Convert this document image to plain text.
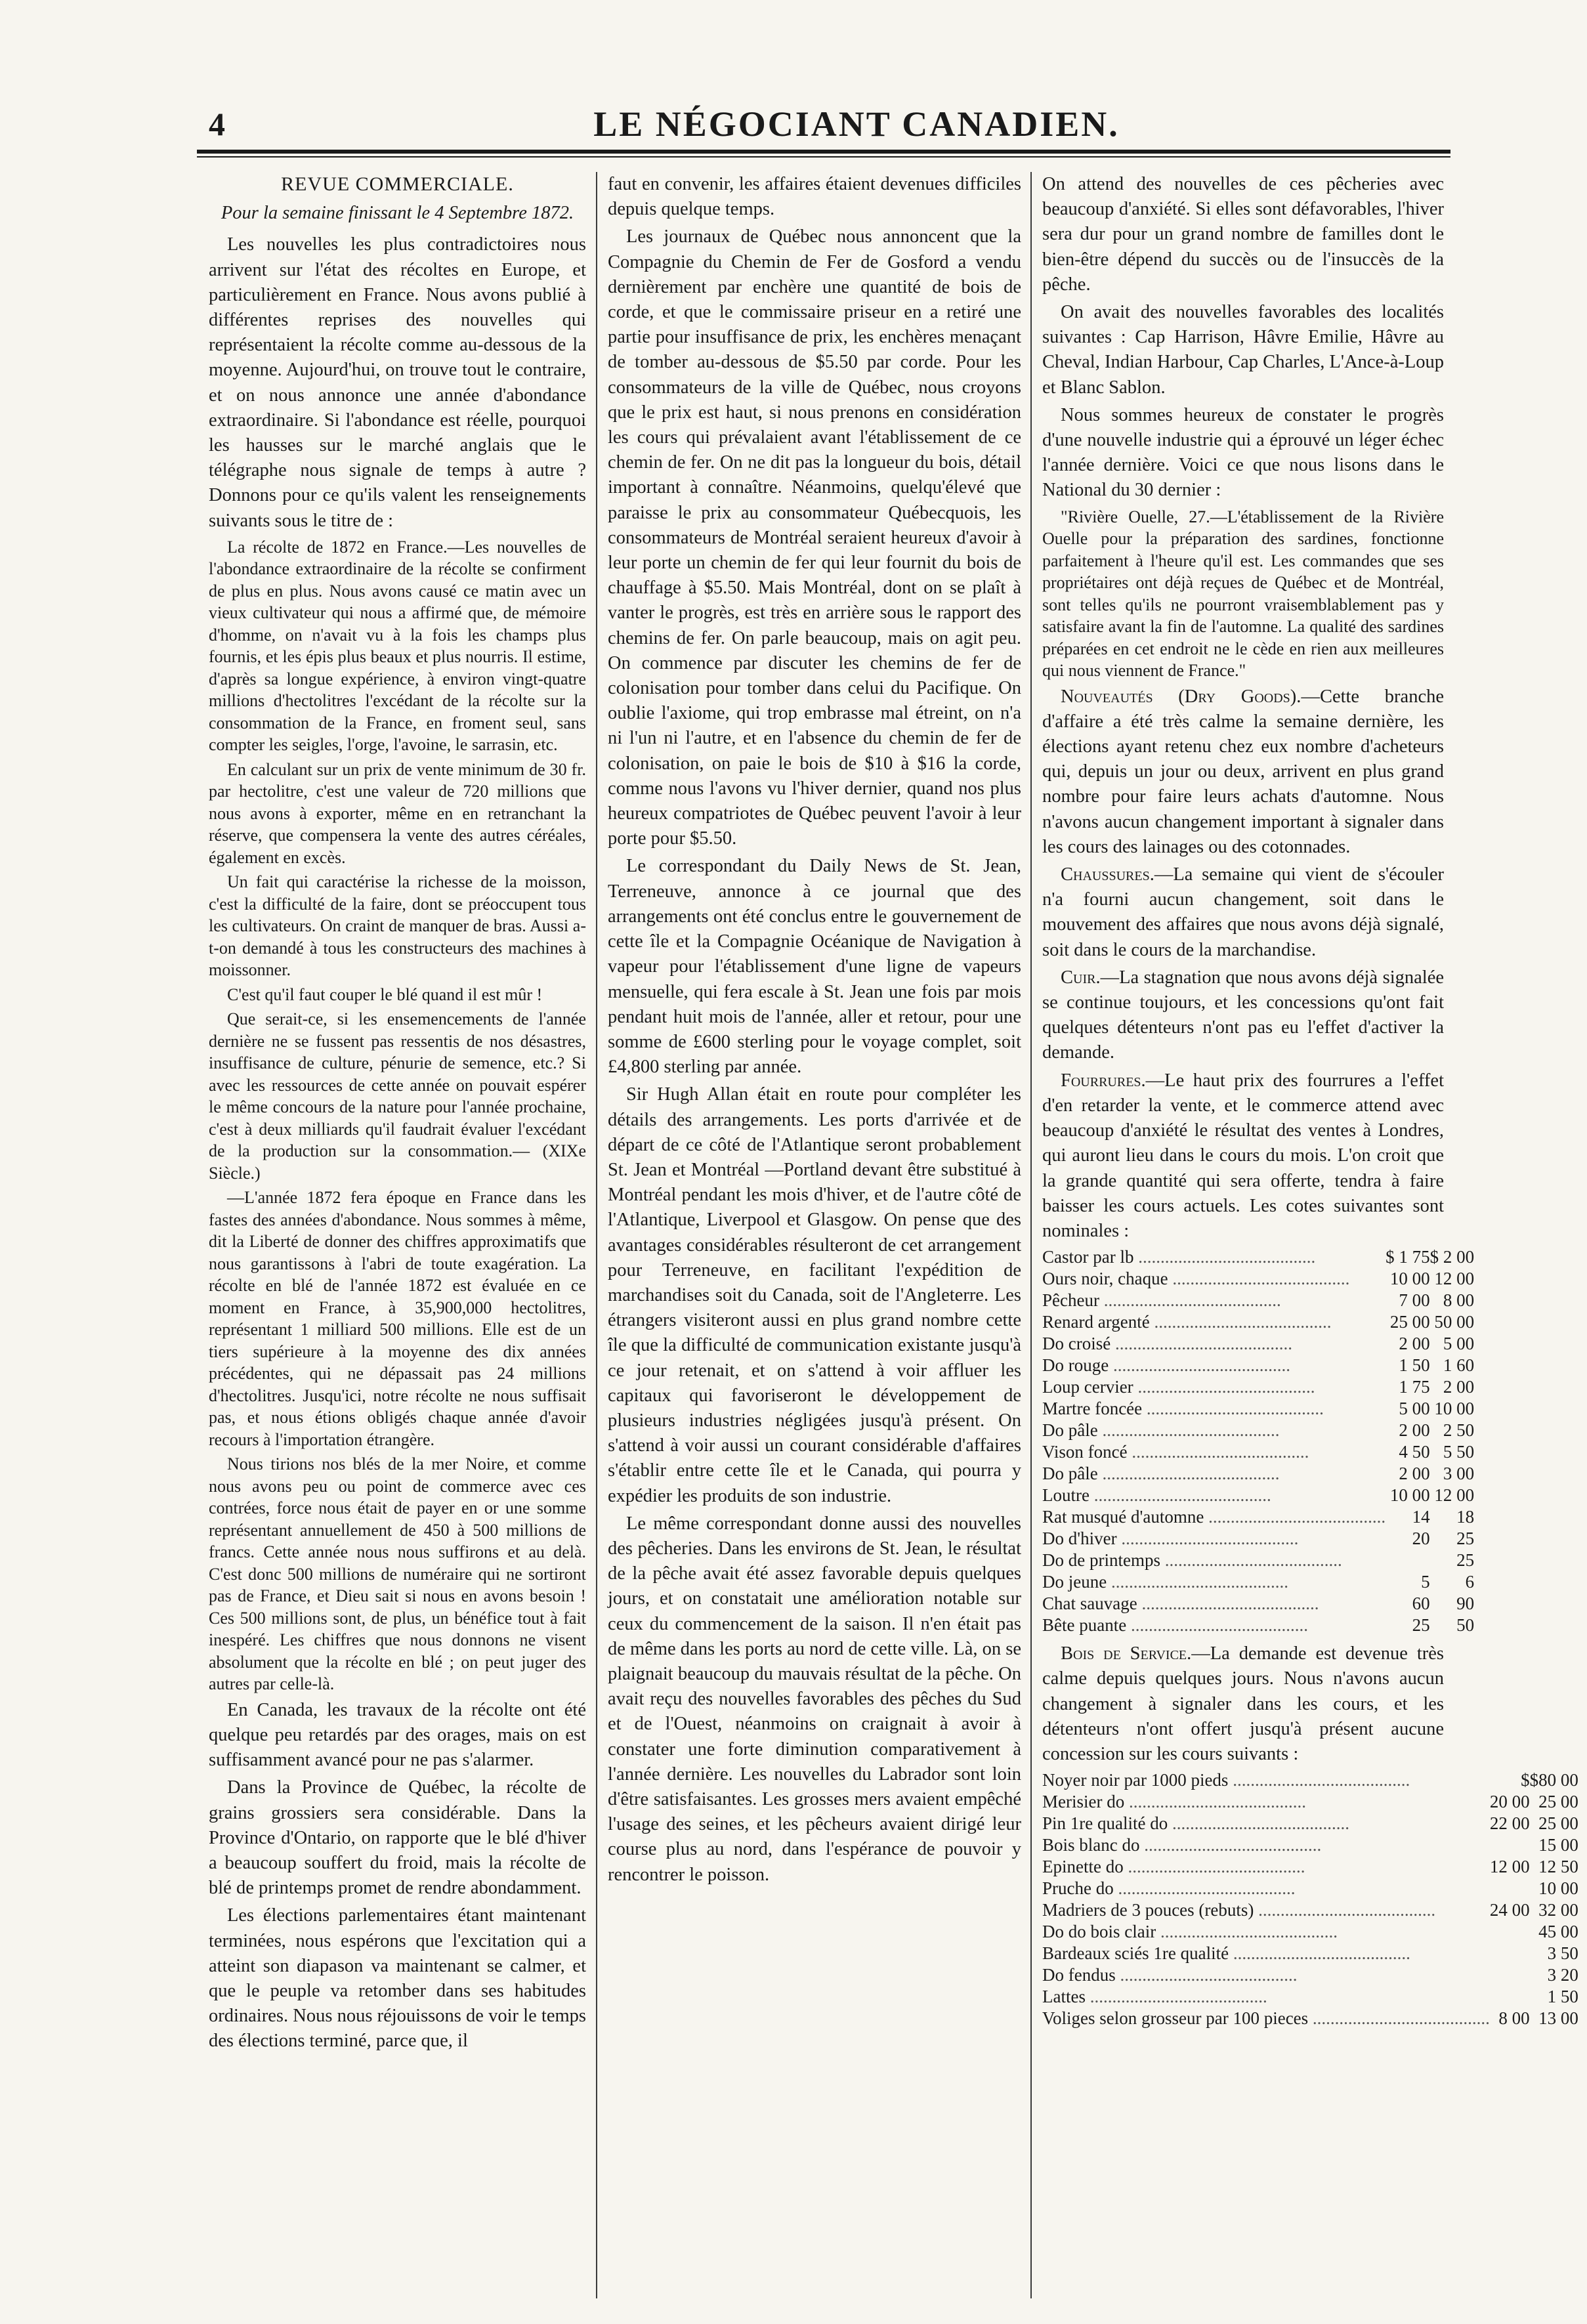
4	LE NÉGOCIANT CANADIEN.

REVUE COMMERCIALE.

Pour la semaine finissant le 4 Septembre 1872.

Les nouvelles les plus contradictoires nous arrivent sur l'état des récoltes en Europe, et particulièrement en France. Nous avons publié à différentes reprises des nouvelles qui représentaient la récolte comme au-dessous de la moyenne. Aujourd'hui, on trouve tout le contraire, et on nous annonce une année d'abondance extraordinaire. Si l'abondance est réelle, pourquoi les hausses sur le marché anglais que le télégraphe nous signale de temps à autre ? Donnons pour ce qu'ils valent les renseignements suivants sous le titre de :

La récolte de 1872 en France.—Les nouvelles de l'abondance extraordinaire de la récolte se confirment de plus en plus. Nous avons causé ce matin avec un vieux cultivateur qui nous a affirmé que, de mémoire d'homme, on n'avait vu à la fois les champs plus fournis, et les épis plus beaux et plus nourris. Il estime, d'après sa longue expérience, à environ vingt-quatre millions d'hectolitres l'excédant de la récolte sur la consommation de la France, en froment seul, sans compter les seigles, l'orge, l'avoine, le sarrasin, etc.

En calculant sur un prix de vente minimum de 30 fr. par hectolitre, c'est une valeur de 720 millions que nous avons à exporter, même en en retranchant la réserve, que compensera la vente des autres céréales, également en excès.

Un fait qui caractérise la richesse de la moisson, c'est la difficulté de la faire, dont se préoccupent tous les cultivateurs. On craint de manquer de bras. Aussi a-t-on demandé à tous les constructeurs des machines à moissonner.

C'est qu'il faut couper le blé quand il est mûr !

Que serait-ce, si les ensemencements de l'année dernière ne se fussent pas ressentis de nos désastres, insuffisance de culture, pénurie de semence, etc.? Si avec les ressources de cette année on pouvait espérer le même concours de la nature pour l'année prochaine, c'est à deux milliards qu'il faudrait évaluer l'excédant de la production sur la consommation.— (XIXe Siècle.)

—L'année 1872 fera époque en France dans les fastes des années d'abondance. Nous sommes à même, dit la Liberté de donner des chiffres approximatifs que nous garantissons à l'abri de toute exagération. La récolte en blé de l'année 1872 est évaluée en ce moment en France, à 35,900,000 hectolitres, représentant 1 milliard 500 millions. Elle est de un tiers supérieure à la moyenne des dix années précédentes, qui ne dépassait pas 24 millions d'hectolitres. Jusqu'ici, notre récolte ne nous suffisait pas, et nous étions obligés chaque année d'avoir recours à l'importation étrangère.

Nous tirions nos blés de la mer Noire, et comme nous avons peu ou point de commerce avec ces contrées, force nous était de payer en or une somme représentant annuellement de 450 à 500 millions de francs. Cette année nous nous suffirons et au delà. C'est donc 500 millions de numéraire qui ne sortiront pas de France, et Dieu sait si nous en avons besoin ! Ces 500 millions sont, de plus, un bénéfice tout à fait inespéré. Les chiffres que nous donnons ne visent absolument que la récolte en blé ; on peut juger des autres par celle-là.

En Canada, les travaux de la récolte ont été quelque peu retardés par des orages, mais on est suffisamment avancé pour ne pas s'alarmer.

Dans la Province de Québec, la récolte de grains grossiers sera considérable. Dans la Province d'Ontario, on rapporte que le blé d'hiver a beaucoup souffert du froid, mais la récolte de blé de printemps promet de rendre abondamment.

Les élections parlementaires étant maintenant terminées, nous espérons que l'excitation qui a atteint son diapason va maintenant se calmer, et que le peuple va retomber dans ses habitudes ordinaires. Nous nous réjouissons de voir le temps des élections terminé, parce que, il

faut en convenir, les affaires étaient devenues difficiles depuis quelque temps.

Les journaux de Québec nous annoncent que la Compagnie du Chemin de Fer de Gosford a vendu dernièrement par enchère une quantité de bois de corde, et que le commissaire priseur en a retiré une partie pour insuffisance de prix, les enchères menaçant de tomber au-dessous de $5.50 par corde. Pour les consommateurs de la ville de Québec, nous croyons que le prix est haut, si nous prenons en considération les cours qui prévalaient avant l'établissement de ce chemin de fer. On ne dit pas la longueur du bois, détail important à connaître. Néanmoins, quelqu'élevé que paraisse le prix au consommateur Québecquois, les consommateurs de Montréal seraient heureux d'avoir à leur porte un chemin de fer qui leur fournit du bois de chauffage à $5.50. Mais Montréal, dont on se plaît à vanter le progrès, est très en arrière sous le rapport des chemins de fer. On parle beaucoup, mais on agit peu. On commence par discuter les chemins de fer de colonisation pour tomber dans celui du Pacifique. On oublie l'axiome, qui trop embrasse mal étreint, on n'a ni l'un ni l'autre, et en l'absence du chemin de fer de colonisation, on paie le bois de $10 à $16 la corde, comme nous l'avons vu l'hiver dernier, quand nos plus heureux compatriotes de Québec peuvent l'avoir à leur porte pour $5.50.

Le correspondant du Daily News de St. Jean, Terreneuve, annonce à ce journal que des arrangements ont été conclus entre le gouvernement de cette île et la Compagnie Océanique de Navigation à vapeur pour l'établissement d'une ligne de vapeurs mensuelle, qui fera escale à St. Jean une fois par mois pendant huit mois de l'année, aller et retour, pour une somme de £600 sterling pour le voyage complet, soit £4,800 sterling par année.

Sir Hugh Allan était en route pour compléter les détails des arrangements. Les ports d'arrivée et de départ de ce côté de l'Atlantique seront probablement St. Jean et Montréal —Portland devant être substitué à Montréal pendant les mois d'hiver, et de l'autre côté de l'Atlantique, Liverpool et Glasgow. On pense que des avantages considérables résulteront de cet arrangement pour Terreneuve, en facilitant l'expédition de marchandises soit du Canada, soit de l'Angleterre. Les étrangers visiteront aussi en plus grand nombre cette île que la difficulté de communication existante jusqu'à ce jour retenait, et on s'attend à voir affluer les capitaux qui favoriseront le développement de plusieurs industries négligées jusqu'à présent. On s'attend à voir aussi un courant considérable d'affaires s'établir entre cette île et le Canada, qui pourra y expédier les produits de son industrie.

Le même correspondant donne aussi des nouvelles des pêcheries. Dans les environs de St. Jean, le résultat de la pêche avait été assez favorable depuis quelques jours, et on constatait une amélioration notable sur ceux du commencement de la saison. Il n'en était pas de même dans les ports au nord de cette ville. Là, on se plaignait beaucoup du mauvais résultat de la pêche. On avait reçu des nouvelles favorables des pêches du Sud et de l'Ouest, néanmoins on craignait à avoir à constater une forte diminution comparativement à l'année dernière. Les nouvelles du Labrador sont loin d'être satisfaisantes. Les grosses mers avaient empêché l'usage des seines, et les pêcheurs avaient dirigé leur course plus au nord, dans l'espérance de pouvoir y rencontrer le poisson.

On attend des nouvelles de ces pêcheries avec beaucoup d'anxiété. Si elles sont défavorables, l'hiver sera dur pour un grand nombre de familles dont le bien-être dépend du succès ou de l'insuccès de la pêche.

On avait des nouvelles favorables des localités suivantes : Cap Harrison, Hâvre Emilie, Hâvre au Cheval, Indian Harbour, Cap Charles, L'Ance-à-Loup et Blanc Sablon.

Nous sommes heureux de constater le progrès d'une nouvelle industrie qui a éprouvé un léger échec l'année dernière. Voici ce que nous lisons dans le National du 30 dernier :

"Rivière Ouelle, 27.—L'établissement de la Rivière Ouelle pour la préparation des sardines, fonctionne parfaitement à l'heure qu'il est. Les commandes que ses propriétaires ont déjà reçues de Québec et de Montréal, sont telles qu'ils ne pourront vraisemblablement pas y satisfaire avant la fin de l'automne. La qualité des sardines préparées en cet endroit ne le cède en rien aux meilleures qui nous viennent de France."

Nouveautés (Dry Goods).—Cette branche d'affaire a été très calme la semaine dernière, les élections ayant retenu chez eux nombre d'acheteurs qui, depuis un jour ou deux, arrivent en plus grand nombre pour faire leurs achats d'automne. Nous n'avons aucun changement important à signaler dans les cours des lainages ou des cotonnades.

Chaussures.—La semaine qui vient de s'écouler n'a fourni aucun changement, soit dans le mouvement des affaires que nous avons déjà signalé, soit dans le cours de la marchandise.

Cuir.—La stagnation que nous avons déjà signalée se continue toujours, et les concessions qu'ont fait quelques détenteurs n'ont pas eu l'effet d'activer la demande.

Fourrures.—Le haut prix des fourrures a l'effet d'en retarder la vente, et le commerce attend avec beaucoup d'anxiété le résultat des ventes à Londres, qui auront lieu dans le cours du mois. L'on croit que la grande quantité qui sera offerte, tendra à faire baisser les cours actuels. Les cotes suivantes sont nominales :

Castor par lb ........................................	$ 1 75	$ 2 00
Ours noir, chaque ........................................	10 00	12 00
Pêcheur ........................................	7 00	8 00
Renard argenté ........................................	25 00	50 00
Do croisé ........................................	2 00	5 00
Do rouge ........................................	1 50	1 60
Loup cervier ........................................	1 75	2 00
Martre foncée ........................................	5 00	10 00
Do pâle ........................................	2 00	2 50
Vison foncé ........................................	4 50	5 50
Do pâle ........................................	2 00	3 00
Loutre ........................................	10 00	12 00
Rat musqué d'automne ........................................	14	18
Do d'hiver ........................................	20	25
Do de printemps ........................................		25
Do jeune ........................................	5	6
Chat sauvage ........................................	60	90
Bête puante ........................................	25	50

Bois de Service.—La demande est devenue très calme depuis quelques jours. Nous n'avons aucun changement à signaler dans les cours, et les détenteurs n'ont offert jusqu'à présent aucune concession sur les cours suivants :

Noyer noir par 1000 pieds ........................................	$	$80 00
Merisier do ........................................	20 00	25 00
Pin 1re qualité do ........................................	22 00	25 00
Bois blanc do ........................................		15 00
Epinette do ........................................	12 00	12 50
Pruche do ........................................		10 00
Madriers de 3 pouces (rebuts) ........................................	24 00	32 00
Do do bois clair ........................................		45 00
Bardeaux sciés 1re qualité ........................................		3 50
Do fendus ........................................		3 20
Lattes ........................................		1 50
Voliges selon grosseur par 100 pieces ........................................	8 00	13 00
